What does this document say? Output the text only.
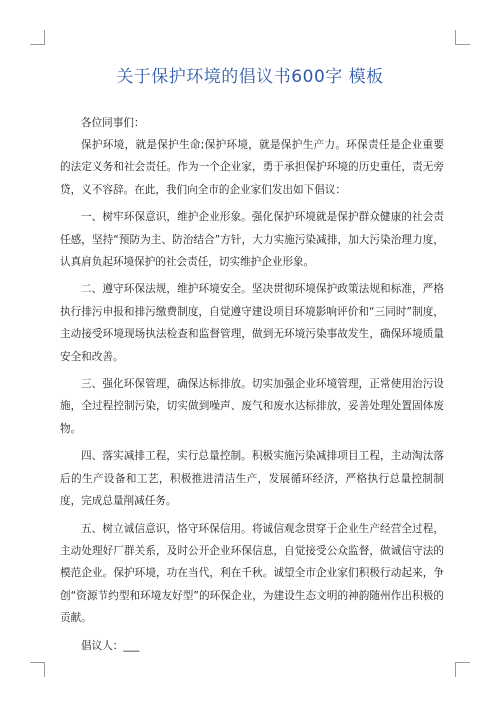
关于保护环境的倡议书600字 模板

各位同事们：

保护环境，就是保护生命;保护环境，就是保护生产力。环保责任是企业重要的法定义务和社会责任。作为一个企业家，勇于承担保护环境的历史重任，责无旁贷，义不容辞。在此，我们向全市的企业家们发出如下倡议：

一、树牢环保意识，维护企业形象。强化保护环境就是保护群众健康的社会责任感，坚持“预防为主、防治结合”方针，大力实施污染减排，加大污染治理力度，认真肩负起环境保护的社会责任，切实维护企业形象。

二、遵守环保法规，维护环境安全。坚决贯彻环境保护政策法规和标准，严格执行排污申报和排污缴费制度，自觉遵守建设项目环境影响评价和“三同时”制度，主动接受环境现场执法检查和监督管理，做到无环境污染事故发生，确保环境质量安全和改善。

三、强化环保管理，确保达标排放。切实加强企业环境管理，正常使用治污设施，全过程控制污染，切实做到噪声、废气和废水达标排放，妥善处理处置固体废物。

四、落实减排工程，实行总量控制。积极实施污染减排项目工程，主动淘汰落后的生产设备和工艺，积极推进清洁生产，发展循环经济，严格执行总量控制制度，完成总量削减任务。

五、树立诚信意识，恪守环保信用。将诚信观念贯穿于企业生产经营全过程，主动处理好厂群关系，及时公开企业环保信息，自觉接受公众监督，做诚信守法的模范企业。保护环境，功在当代，利在千秋。诚望全市企业家们积极行动起来，争创“资源节约型和环境友好型”的环保企业，为建设生态文明的神韵随州作出积极的贡献。

倡议人：___
